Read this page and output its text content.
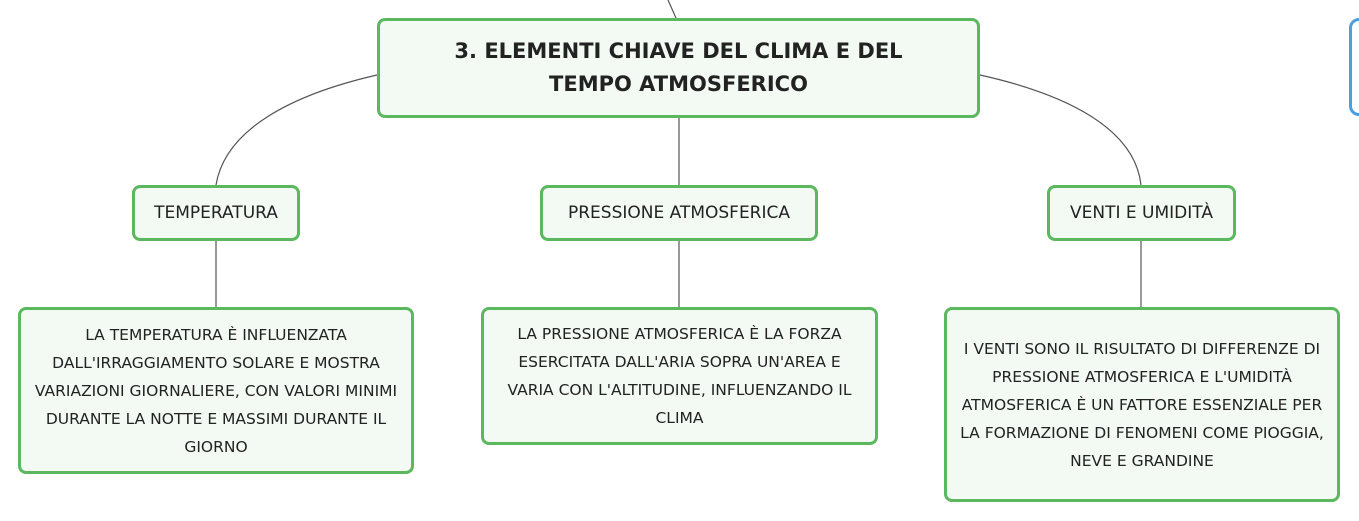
3. ELEMENTI CHIAVE DEL CLIMA E DEL TEMPO ATMOSFERICO
TEMPERATURA	PRESSIONE ATMOSFERICA	VENTI E UMIDITÀ
LA TEMPERATURA È INFLUENZATA DALL'IRRAGGIAMENTO SOLARE E MOSTRA VARIAZIONI GIORNALIERE, CON VALORI MINIMI DURANTE LA NOTTE E MASSIMI DURANTE IL GIORNO
LA PRESSIONE ATMOSFERICA È LA FORZA ESERCITATA DALL'ARIA SOPRA UN'AREA E VARIA CON L'ALTITUDINE, INFLUENZANDO IL CLIMA
I VENTI SONO IL RISULTATO DI DIFFERENZE DI PRESSIONE ATMOSFERICA E L'UMIDITÀ ATMOSFERICA È UN FATTORE ESSENZIALE PER LA FORMAZIONE DI FENOMENI COME PIOGGIA, NEVE E GRANDINE
